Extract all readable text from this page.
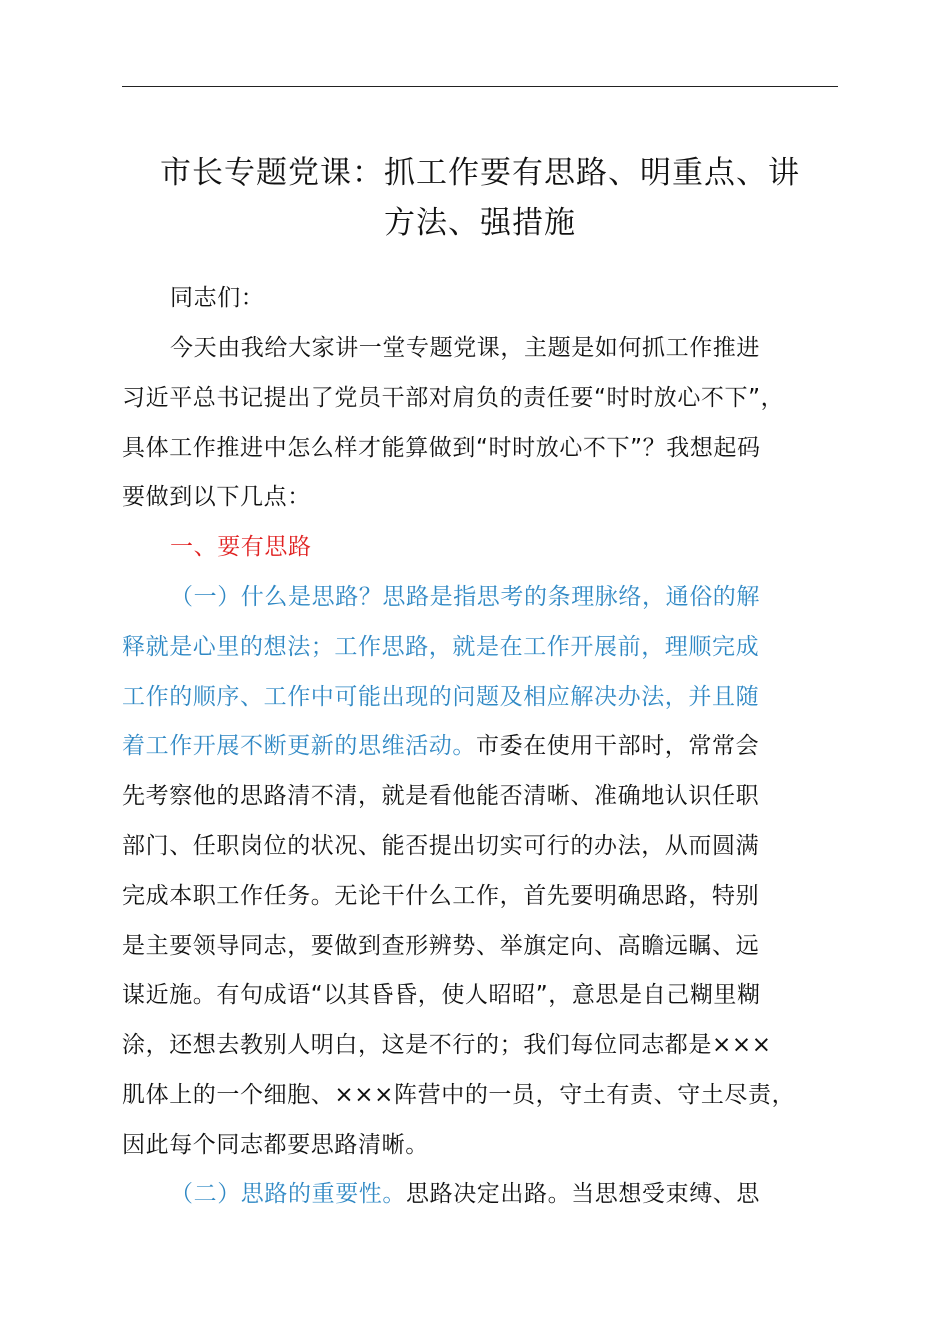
市长专题党课：抓工作要有思路、明重点、讲
方法、强措施

同志们：

今天由我给大家讲一堂专题党课，主题是如何抓工作推进
习近平总书记提出了党员干部对肩负的责任要“时时放心不下”，
具体工作推进中怎么样才能算做到“时时放心不下”？我想起码
要做到以下几点：

一、要有思路

（一）什么是思路？思路是指思考的条理脉络，通俗的解
释就是心里的想法；工作思路，就是在工作开展前，理顺完成
工作的顺序、工作中可能出现的问题及相应解决办法，并且随
着工作开展不断更新的思维活动。市委在使用干部时，常常会
先考察他的思路清不清，就是看他能否清晰、准确地认识任职
部门、任职岗位的状况、能否提出切实可行的办法，从而圆满
完成本职工作任务。无论干什么工作，首先要明确思路，特别
是主要领导同志，要做到查形辨势、举旗定向、高瞻远瞩、远
谋近施。有句成语“以其昏昏，使人昭昭”，意思是自己糊里糊
涂，还想去教别人明白，这是不行的；我们每位同志都是×××
肌体上的一个细胞、×××阵营中的一员，守土有责、守土尽责，
因此每个同志都要思路清晰。

（二）思路的重要性。思路决定出路。当思想受束缚、思
